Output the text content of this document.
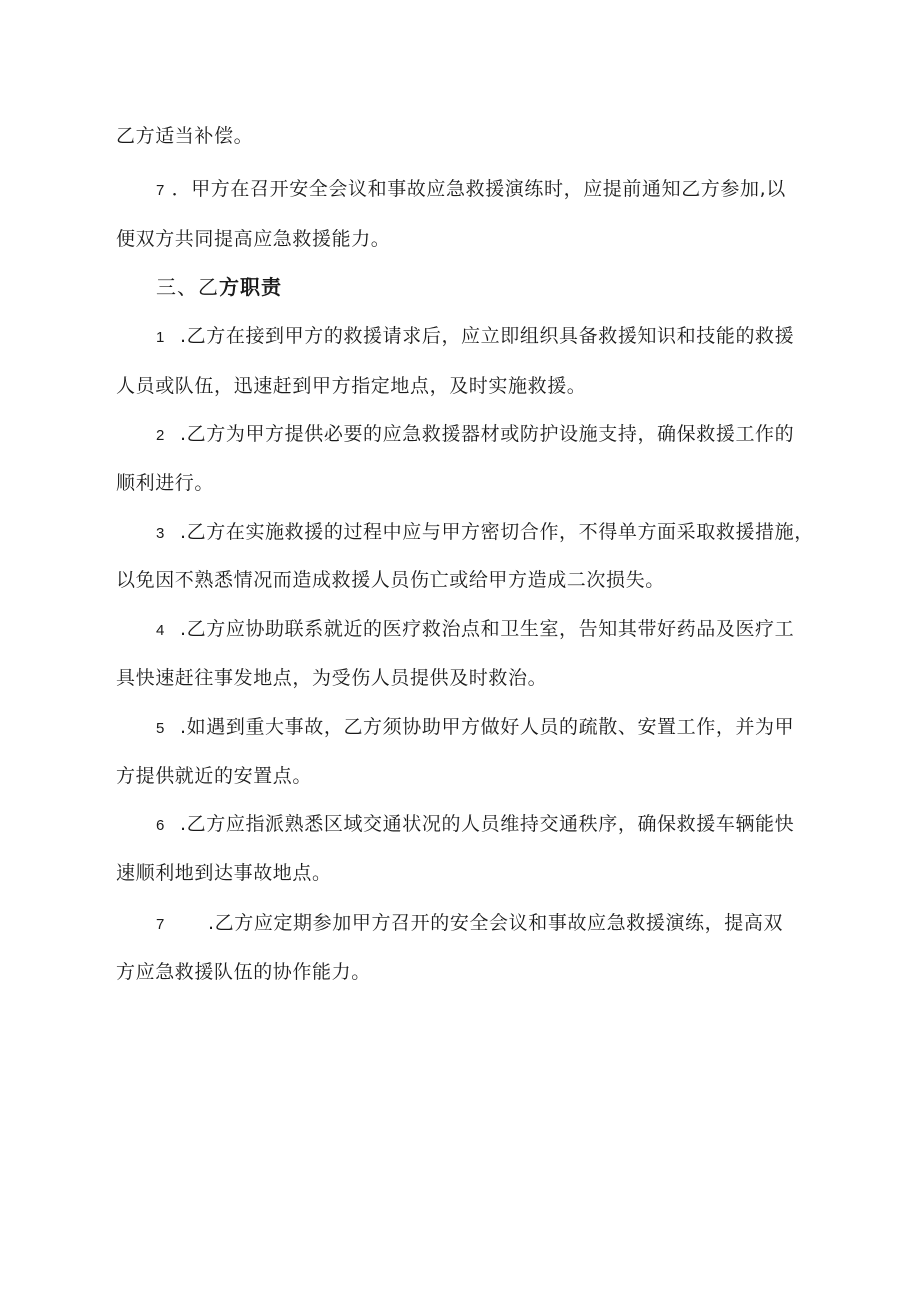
乙方适当补偿。
7 ．甲方在召开安全会议和事故应急救援演练时，应提前通知乙方参加,以
便双方共同提高应急救援能力。
三、乙方职责
1 .乙方在接到甲方的救援请求后，应立即组织具备救援知识和技能的救援
人员或队伍，迅速赶到甲方指定地点，及时实施救援。
2 .乙方为甲方提供必要的应急救援器材或防护设施支持，确保救援工作的
顺利进行。
3 .乙方在实施救援的过程中应与甲方密切合作，不得单方面采取救援措施，
以免因不熟悉情况而造成救援人员伤亡或给甲方造成二次损失。
4 .乙方应协助联系就近的医疗救治点和卫生室，告知其带好药品及医疗工
具快速赶往事发地点，为受伤人员提供及时救治。
5 .如遇到重大事故，乙方须协助甲方做好人员的疏散、安置工作，并为甲
方提供就近的安置点。
6 .乙方应指派熟悉区域交通状况的人员维持交通秩序，确保救援车辆能快
速顺利地到达事故地点。
7 .乙方应定期参加甲方召开的安全会议和事故应急救援演练，提高双
方应急救援队伍的协作能力。
